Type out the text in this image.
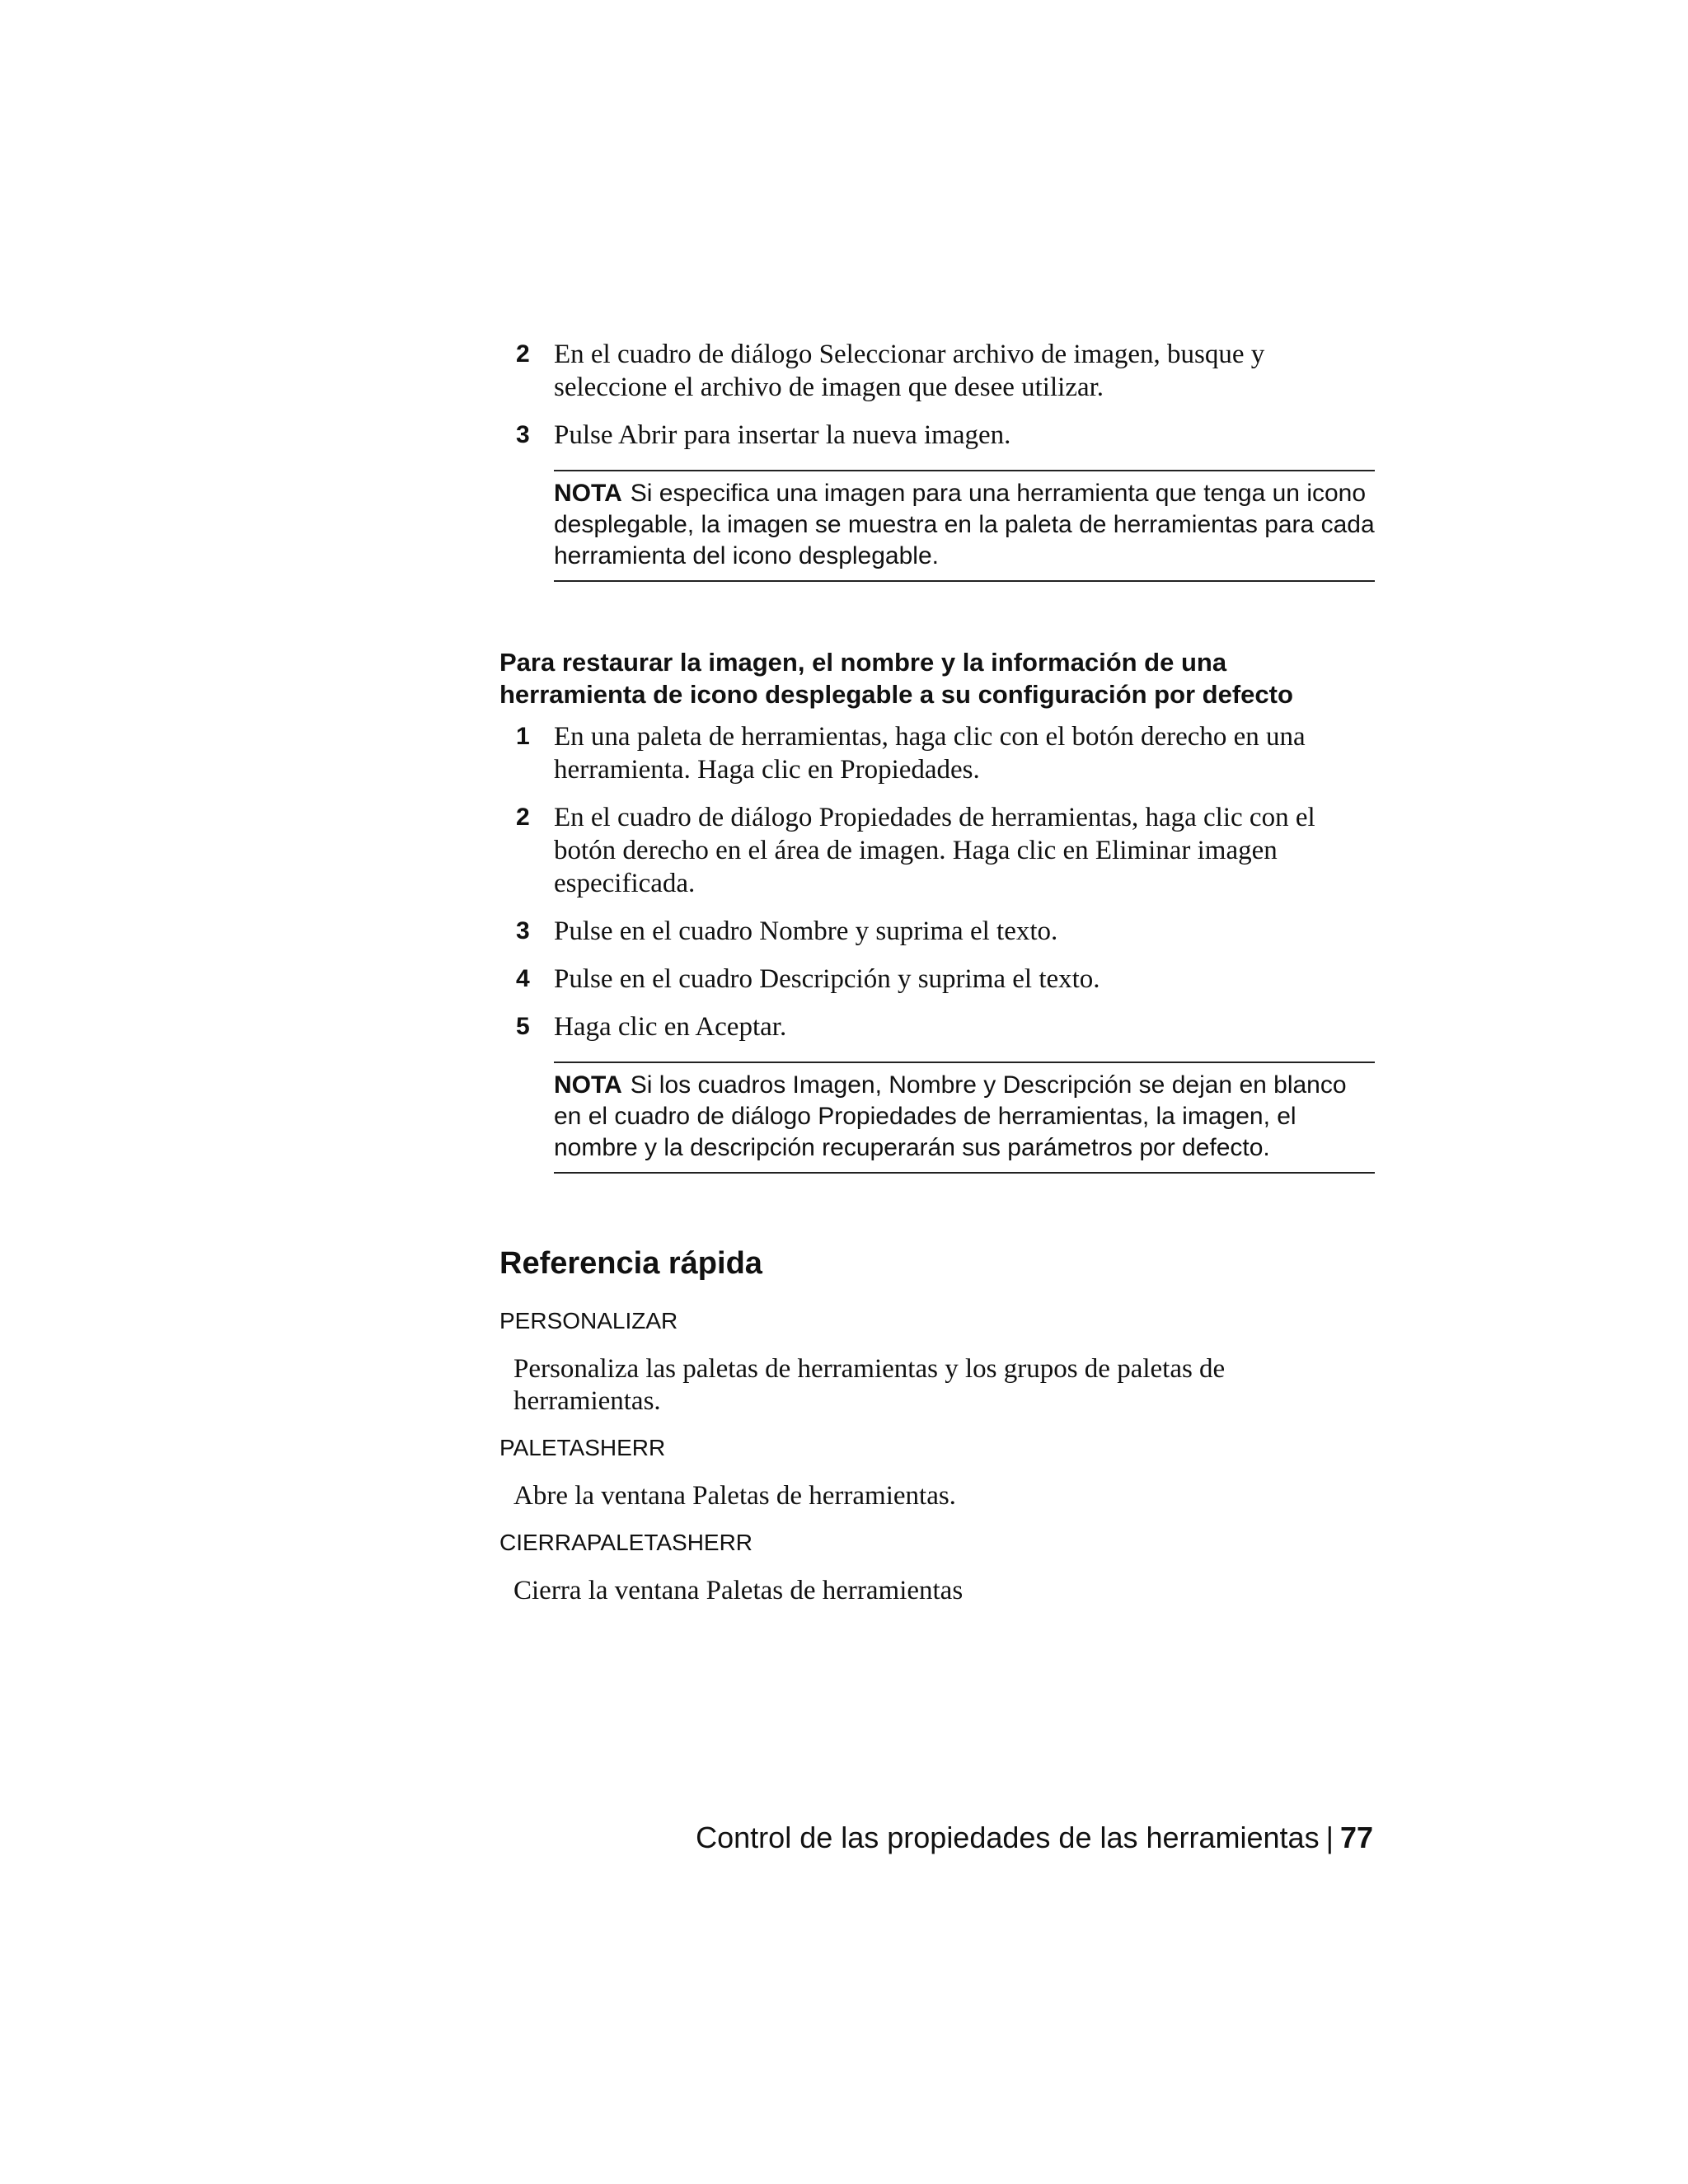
2 En el cuadro de diálogo Seleccionar archivo de imagen, busque y seleccione el archivo de imagen que desee utilizar.

3 Pulse Abrir para insertar la nueva imagen.

NOTA Si especifica una imagen para una herramienta que tenga un icono desplegable, la imagen se muestra en la paleta de herramientas para cada herramienta del icono desplegable.

Para restaurar la imagen, el nombre y la información de una herramienta de icono desplegable a su configuración por defecto

1 En una paleta de herramientas, haga clic con el botón derecho en una herramienta. Haga clic en Propiedades.

2 En el cuadro de diálogo Propiedades de herramientas, haga clic con el botón derecho en el área de imagen. Haga clic en Eliminar imagen especificada.

3 Pulse en el cuadro Nombre y suprima el texto.

4 Pulse en el cuadro Descripción y suprima el texto.

5 Haga clic en Aceptar.

NOTA Si los cuadros Imagen, Nombre y Descripción se dejan en blanco en el cuadro de diálogo Propiedades de herramientas, la imagen, el nombre y la descripción recuperarán sus parámetros por defecto.
Referencia rápida

PERSONALIZAR

Personaliza las paletas de herramientas y los grupos de paletas de herramientas.

PALETASHERR

Abre la ventana Paletas de herramientas.

CIERRAPALETASHERR

Cierra la ventana Paletas de herramientas

Control de las propiedades de las herramientas | 77
